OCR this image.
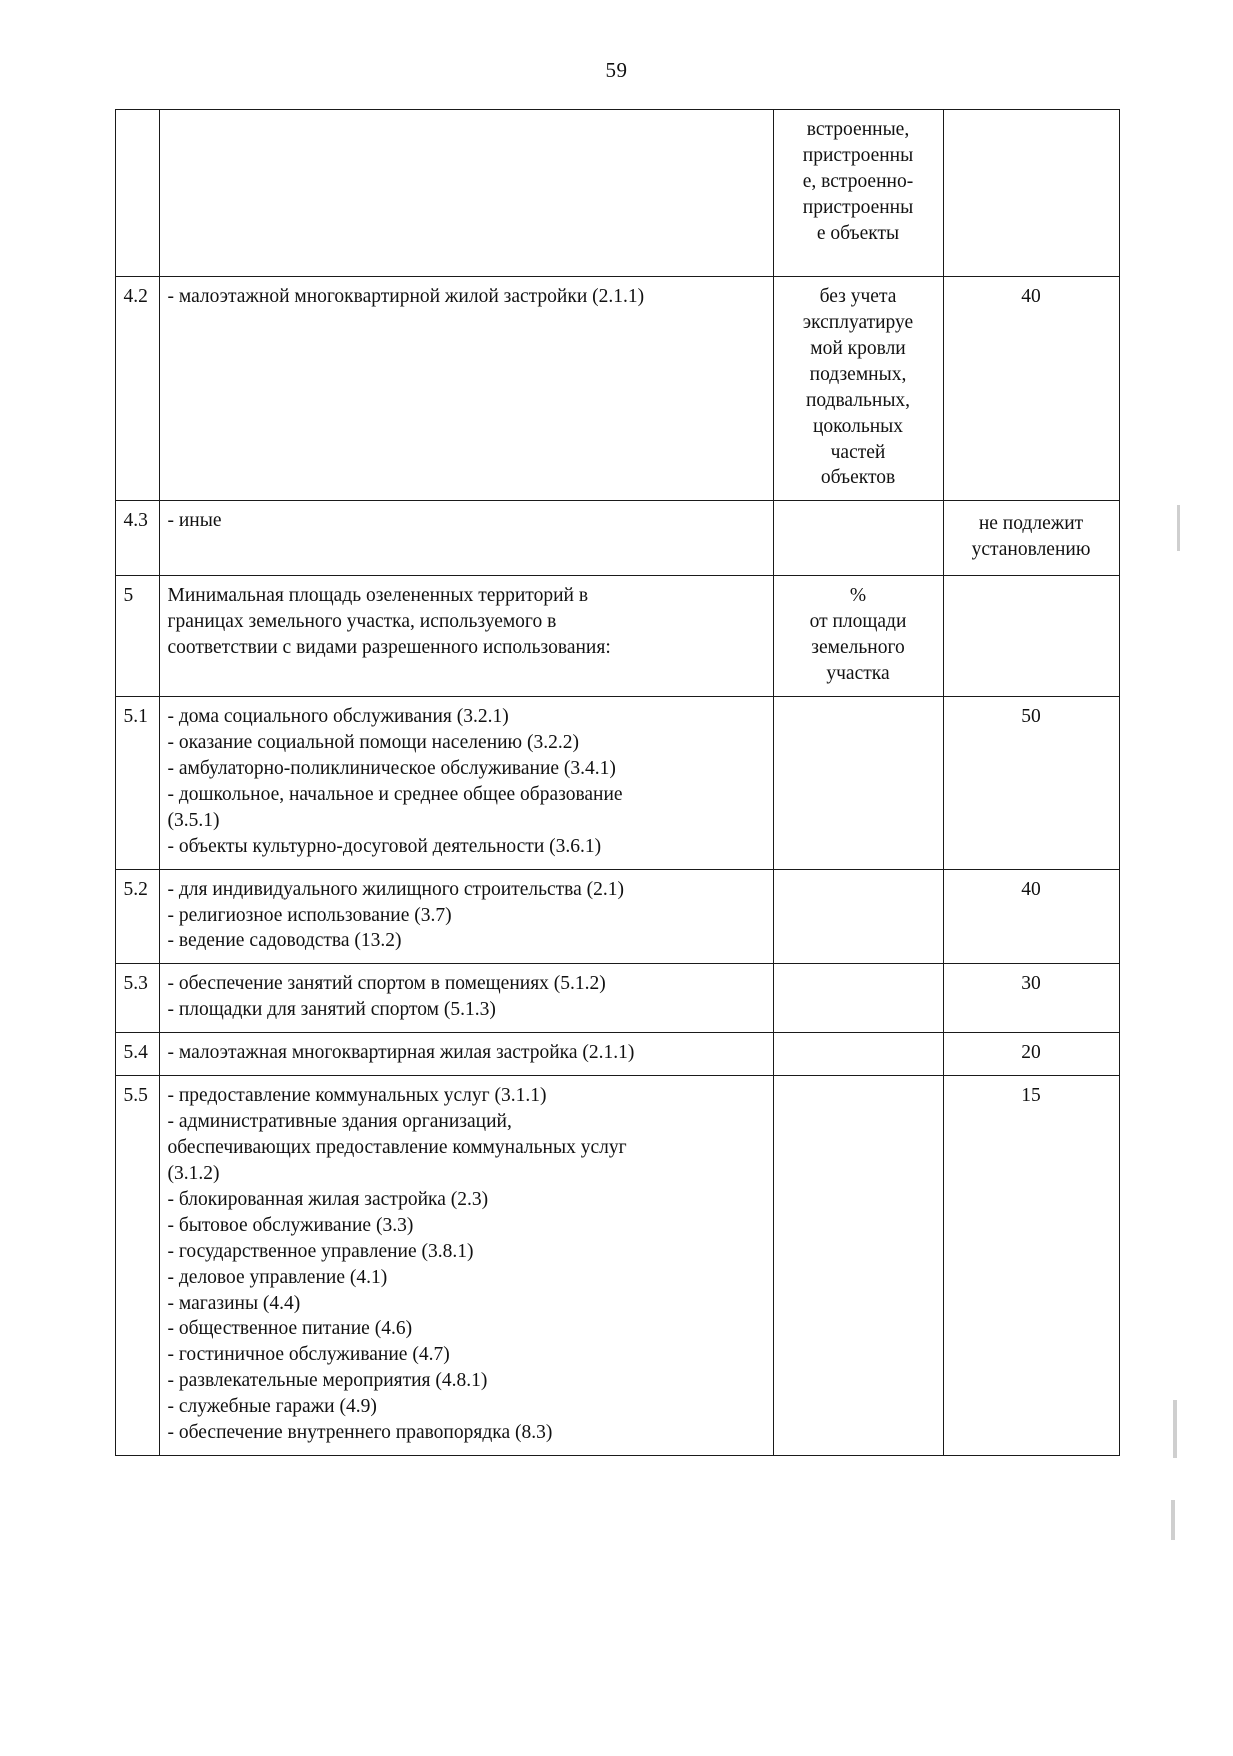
59

		встроенные,
пристроенны
е, встроенно-
пристроенны
е объекты	

4.2	- малоэтажной многоквартирной жилой застройки (2.1.1)	без учета
эксплуатируе
мой кровли
подземных,
подвальных,
цокольных
частей
объектов
	40
4.3	- иные		не подлежит
установлению

5	Минимальная площадь озелененных территорий в
границах земельного участка, используемого в
соответствии с видами разрешенного использования:	%
от площади
земельного
участка	

5.1	- дома социального обслуживания (3.2.1)
- оказание социальной помощи населению (3.2.2)
- амбулаторно-поликлиническое обслуживание (3.4.1)
- дошкольное, начальное и среднее общее образование
(3.5.1)
- объекты культурно-досуговой деятельности (3.6.1)
		50
5.2	- для индивидуального жилищного строительства (2.1)
- религиозное использование (3.7)
- ведение садоводства (13.2)		40
5.3	- обеспечение занятий спортом в помещениях (5.1.2)
- площадки для занятий спортом (5.1.3)		30
5.4	- малоэтажная многоквартирная жилая застройка (2.1.1)		20
5.5	- предоставление коммунальных услуг (3.1.1)
- административные здания организаций,
обеспечивающих предоставление коммунальных услуг
(3.1.2)
- блокированная жилая застройка (2.3)
- бытовое обслуживание (3.3)
- государственное управление (3.8.1)
- деловое управление (4.1)
- магазины (4.4)
- общественное питание (4.6)
- гостиничное обслуживание (4.7)
- развлекательные мероприятия (4.8.1)
- служебные гаражи (4.9)
- обеспечение внутреннего правопорядка (8.3)
		15
